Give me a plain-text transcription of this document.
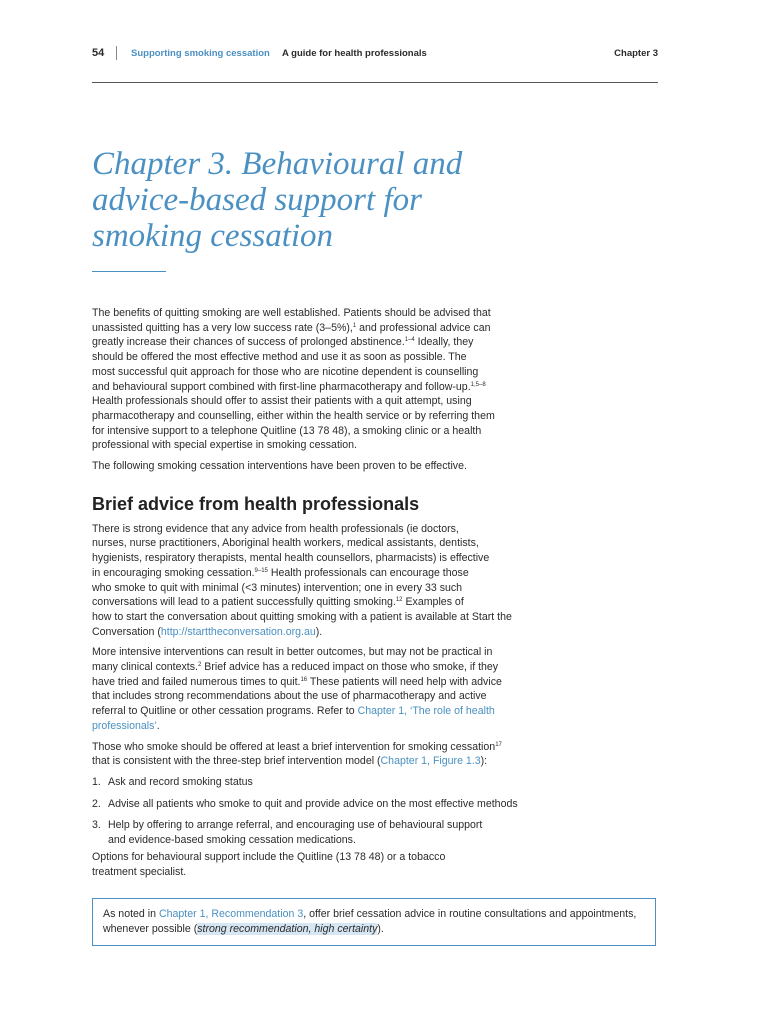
54	Supporting smoking cessation A guide for health professionals	Chapter 3
Chapter 3. Behavioural and
advice-based support for
smoking cessation

The benefits of quitting smoking are well established. Patients should be advised that
unassisted quitting has a very low success rate (3–5%),$^1$ and professional advice can
greatly increase their chances of success of prolonged abstinence.$^{1-4}$ Ideally, they
should be offered the most effective method and use it as soon as possible. The
most successful quit approach for those who are nicotine dependent is counselling
and behavioural support combined with first-line pharmacotherapy and follow-up.$^{1,5-8}$
Health professionals should offer to assist their patients with a quit attempt, using
pharmacotherapy and counselling, either within the health service or by referring them
for intensive support to a telephone Quitline (13 78 48), a smoking clinic or a health
professional with special expertise in smoking cessation.

The following smoking cessation interventions have been proven to be effective.

Brief advice from health professionals

There is strong evidence that any advice from health professionals (ie doctors,
nurses, nurse practitioners, Aboriginal health workers, medical assistants, dentists,
hygienists, respiratory therapists, mental health counsellors, pharmacists) is effective
in encouraging smoking cessation.$^{9-15}$ Health professionals can encourage those
who smoke to quit with minimal (<3 minutes) intervention; one in every 33 such
conversations will lead to a patient successfully quitting smoking.$^{12}$ Examples of
how to start the conversation about quitting smoking with a patient is available at Start the
Conversation (http://starttheconversation.org.au).

More intensive interventions can result in better outcomes, but may not be practical in
many clinical contexts.$^2$ Brief advice has a reduced impact on those who smoke, if they
have tried and failed numerous times to quit.$^{16}$ These patients will need help with advice
that includes strong recommendations about the use of pharmacotherapy and active
referral to Quitline or other cessation programs. Refer to Chapter 1, ‘The role of health
professionals’.

Those who smoke should be offered at least a brief intervention for smoking cessation$^{17}$
that is consistent with the three-step brief intervention model (Chapter 1, Figure 1.3):

1. Ask and record smoking status
2. Advise all patients who smoke to quit and provide advice on the most effective methods
3. Help by offering to arrange referral, and encouraging use of behavioural support
and evidence-based smoking cessation medications.

Options for behavioural support include the Quitline (13 78 48) or a tobacco
treatment specialist.

As noted in Chapter 1, Recommendation 3, offer brief cessation advice in routine consultations and appointments,
whenever possible (strong recommendation, high certainty).
